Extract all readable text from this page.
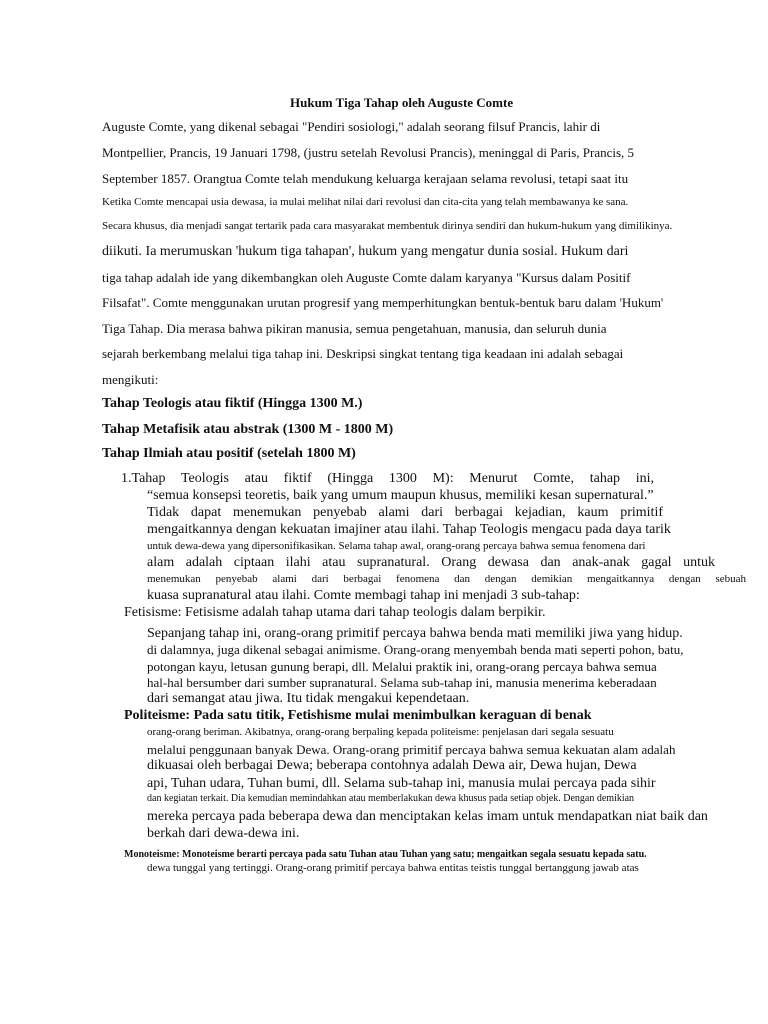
Hukum Tiga Tahap oleh Auguste Comte
Auguste Comte, yang dikenal sebagai "Pendiri sosiologi," adalah seorang filsuf Prancis, lahir di
Montpellier, Prancis, 19 Januari 1798, (justru setelah Revolusi Prancis), meninggal di Paris, Prancis, 5
September 1857. Orangtua Comte telah mendukung keluarga kerajaan selama revolusi, tetapi saat itu
Ketika Comte mencapai usia dewasa, ia mulai melihat nilai dari revolusi dan cita-cita yang telah membawanya ke sana.
Secara khusus, dia menjadi sangat tertarik pada cara masyarakat membentuk dirinya sendiri dan hukum-hukum yang dimilikinya.
diikuti. Ia merumuskan 'hukum tiga tahapan', hukum yang mengatur dunia sosial. Hukum dari
tiga tahap adalah ide yang dikembangkan oleh Auguste Comte dalam karyanya "Kursus dalam Positif
Filsafat". Comte menggunakan urutan progresif yang memperhitungkan bentuk-bentuk baru dalam 'Hukum'
Tiga Tahap. Dia merasa bahwa pikiran manusia, semua pengetahuan, manusia, dan seluruh dunia
sejarah berkembang melalui tiga tahap ini. Deskripsi singkat tentang tiga keadaan ini adalah sebagai
mengikuti:
Tahap Teologis atau fiktif (Hingga 1300 M.)
Tahap Metafisik atau abstrak (1300 M - 1800 M)
Tahap Ilmiah atau positif (setelah 1800 M)
1.Tahap Teologis atau fiktif (Hingga 1300 M): Menurut Comte, tahap ini,
“semua konsepsi teoretis, baik yang umum maupun khusus, memiliki kesan supernatural.”
Tidak dapat menemukan penyebab alami dari berbagai kejadian, kaum primitif
mengaitkannya dengan kekuatan imajiner atau ilahi. Tahap Teologis mengacu pada daya tarik
untuk dewa-dewa yang dipersonifikasikan. Selama tahap awal, orang-orang percaya bahwa semua fenomena dari
alam adalah ciptaan ilahi atau supranatural. Orang dewasa dan anak-anak gagal untuk
menemukan penyebab alami dari berbagai fenomena dan dengan demikian mengaitkannya dengan sebuah
kuasa supranatural atau ilahi. Comte membagi tahap ini menjadi 3 sub-tahap:
Fetisisme: Fetisisme adalah tahap utama dari tahap teologis dalam berpikir.
Sepanjang tahap ini, orang-orang primitif percaya bahwa benda mati memiliki jiwa yang hidup.
di dalamnya, juga dikenal sebagai animisme. Orang-orang menyembah benda mati seperti pohon, batu,
potongan kayu, letusan gunung berapi, dll. Melalui praktik ini, orang-orang percaya bahwa semua
hal-hal bersumber dari sumber supranatural. Selama sub-tahap ini, manusia menerima keberadaan
dari semangat atau jiwa. Itu tidak mengakui kependetaan.
Politeisme: Pada satu titik, Fetishisme mulai menimbulkan keraguan di benak
orang-orang beriman. Akibatnya, orang-orang berpaling kepada politeisme: penjelasan dari segala sesuatu
melalui penggunaan banyak Dewa. Orang-orang primitif percaya bahwa semua kekuatan alam adalah
dikuasai oleh berbagai Dewa; beberapa contohnya adalah Dewa air, Dewa hujan, Dewa
api, Tuhan udara, Tuhan bumi, dll. Selama sub-tahap ini, manusia mulai percaya pada sihir
dan kegiatan terkait. Dia kemudian memindahkan atau memberlakukan dewa khusus pada setiap objek. Dengan demikian
mereka percaya pada beberapa dewa dan menciptakan kelas imam untuk mendapatkan niat baik dan
berkah dari dewa-dewa ini.
Monoteisme: Monoteisme berarti percaya pada satu Tuhan atau Tuhan yang satu; mengaitkan segala sesuatu kepada satu.
dewa tunggal yang tertinggi. Orang-orang primitif percaya bahwa entitas teistis tunggal bertanggung jawab atas
